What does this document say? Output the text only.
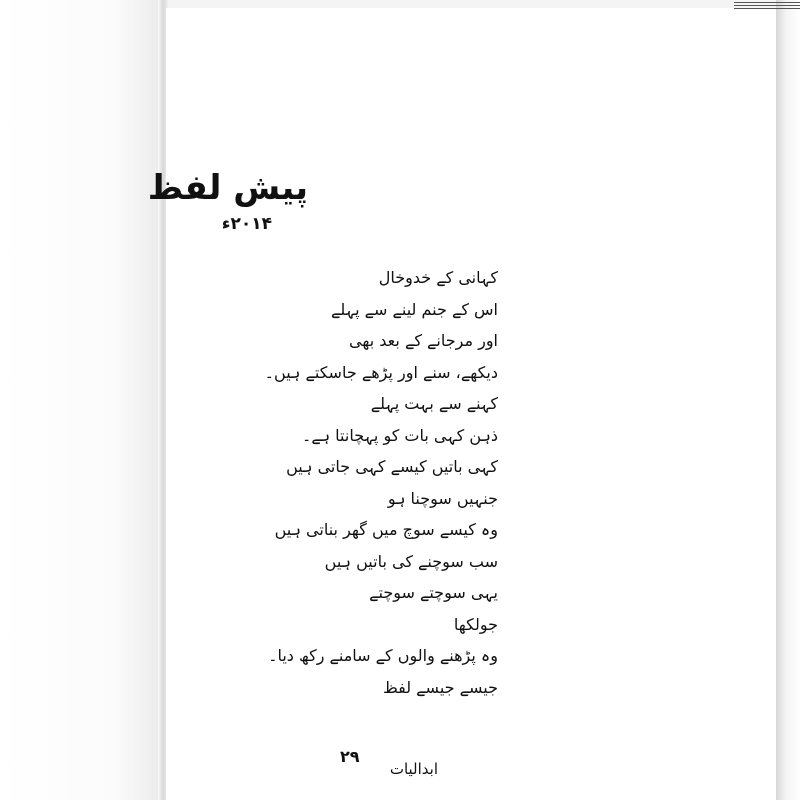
پیش لفظ
۲۰۱۴ء
کہانی کے خدوخال
اس کے جنم لینے سے پہلے
اور مرجانے کے بعد بھی
دیکھے، سنے اور پڑھے جاسکتے ہیں۔
کہنے سے بہت پہلے
ذہن کہی بات کو پہچانتا ہے۔
کہی باتیں کیسے کہی جاتی ہیں
جنہیں سوچنا ہو
وہ کیسے سوچ میں گھر بناتی ہیں
سب سوچنے کی باتیں ہیں
یہی سوچتے سوچتے
جولکھا
وہ پڑھنے والوں کے سامنے رکھ دیا۔
جیسے جیسے لفظ
ابدالیات
۲۹
